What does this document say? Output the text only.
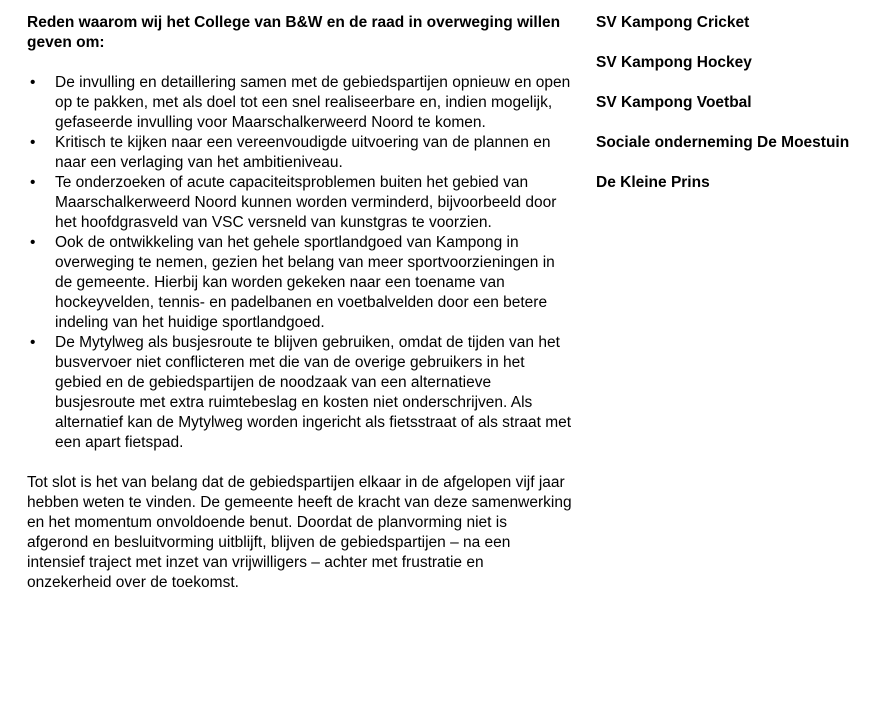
Reden waarom wij het College van B&W en de raad in overweging willen geven om:

• De invulling en detaillering samen met de gebiedspartijen opnieuw en open op te pakken, met als doel tot een snel realiseerbare en, indien mogelijk, gefaseerde invulling voor Maarschalkerweerd Noord te komen.
• Kritisch te kijken naar een vereenvoudigde uitvoering van de plannen en naar een verlaging van het ambitieniveau.
• Te onderzoeken of acute capaciteitsproblemen buiten het gebied van Maarschalkerweerd Noord kunnen worden verminderd, bijvoorbeeld door het hoofdgrasveld van VSC versneld van kunstgras te voorzien.
• Ook de ontwikkeling van het gehele sportlandgoed van Kampong in overweging te nemen, gezien het belang van meer sportvoorzieningen in de gemeente. Hierbij kan worden gekeken naar een toename van hockeyvelden, tennis- en padelbanen en voetbalvelden door een betere indeling van het huidige sportlandgoed.
• De Mytylweg als busjesroute te blijven gebruiken, omdat de tijden van het busvervoer niet conflicteren met die van de overige gebruikers in het gebied en de gebiedspartijen de noodzaak van een alternatieve busjesroute met extra ruimtebeslag en kosten niet onderschrijven. Als alternatief kan de Mytylweg worden ingericht als fietsstraat of als straat met een apart fietspad.

Tot slot is het van belang dat de gebiedspartijen elkaar in de afgelopen vijf jaar hebben weten te vinden. De gemeente heeft de kracht van deze samenwerking en het momentum onvoldoende benut. Doordat de planvorming niet is afgerond en besluitvorming uitblijft, blijven de gebiedspartijen – na een intensief traject met inzet van vrijwilligers – achter met frustratie en onzekerheid over de toekomst.

SV Kampong Cricket

SV Kampong Hockey

SV Kampong Voetbal

Sociale onderneming De Moestuin

De Kleine Prins
